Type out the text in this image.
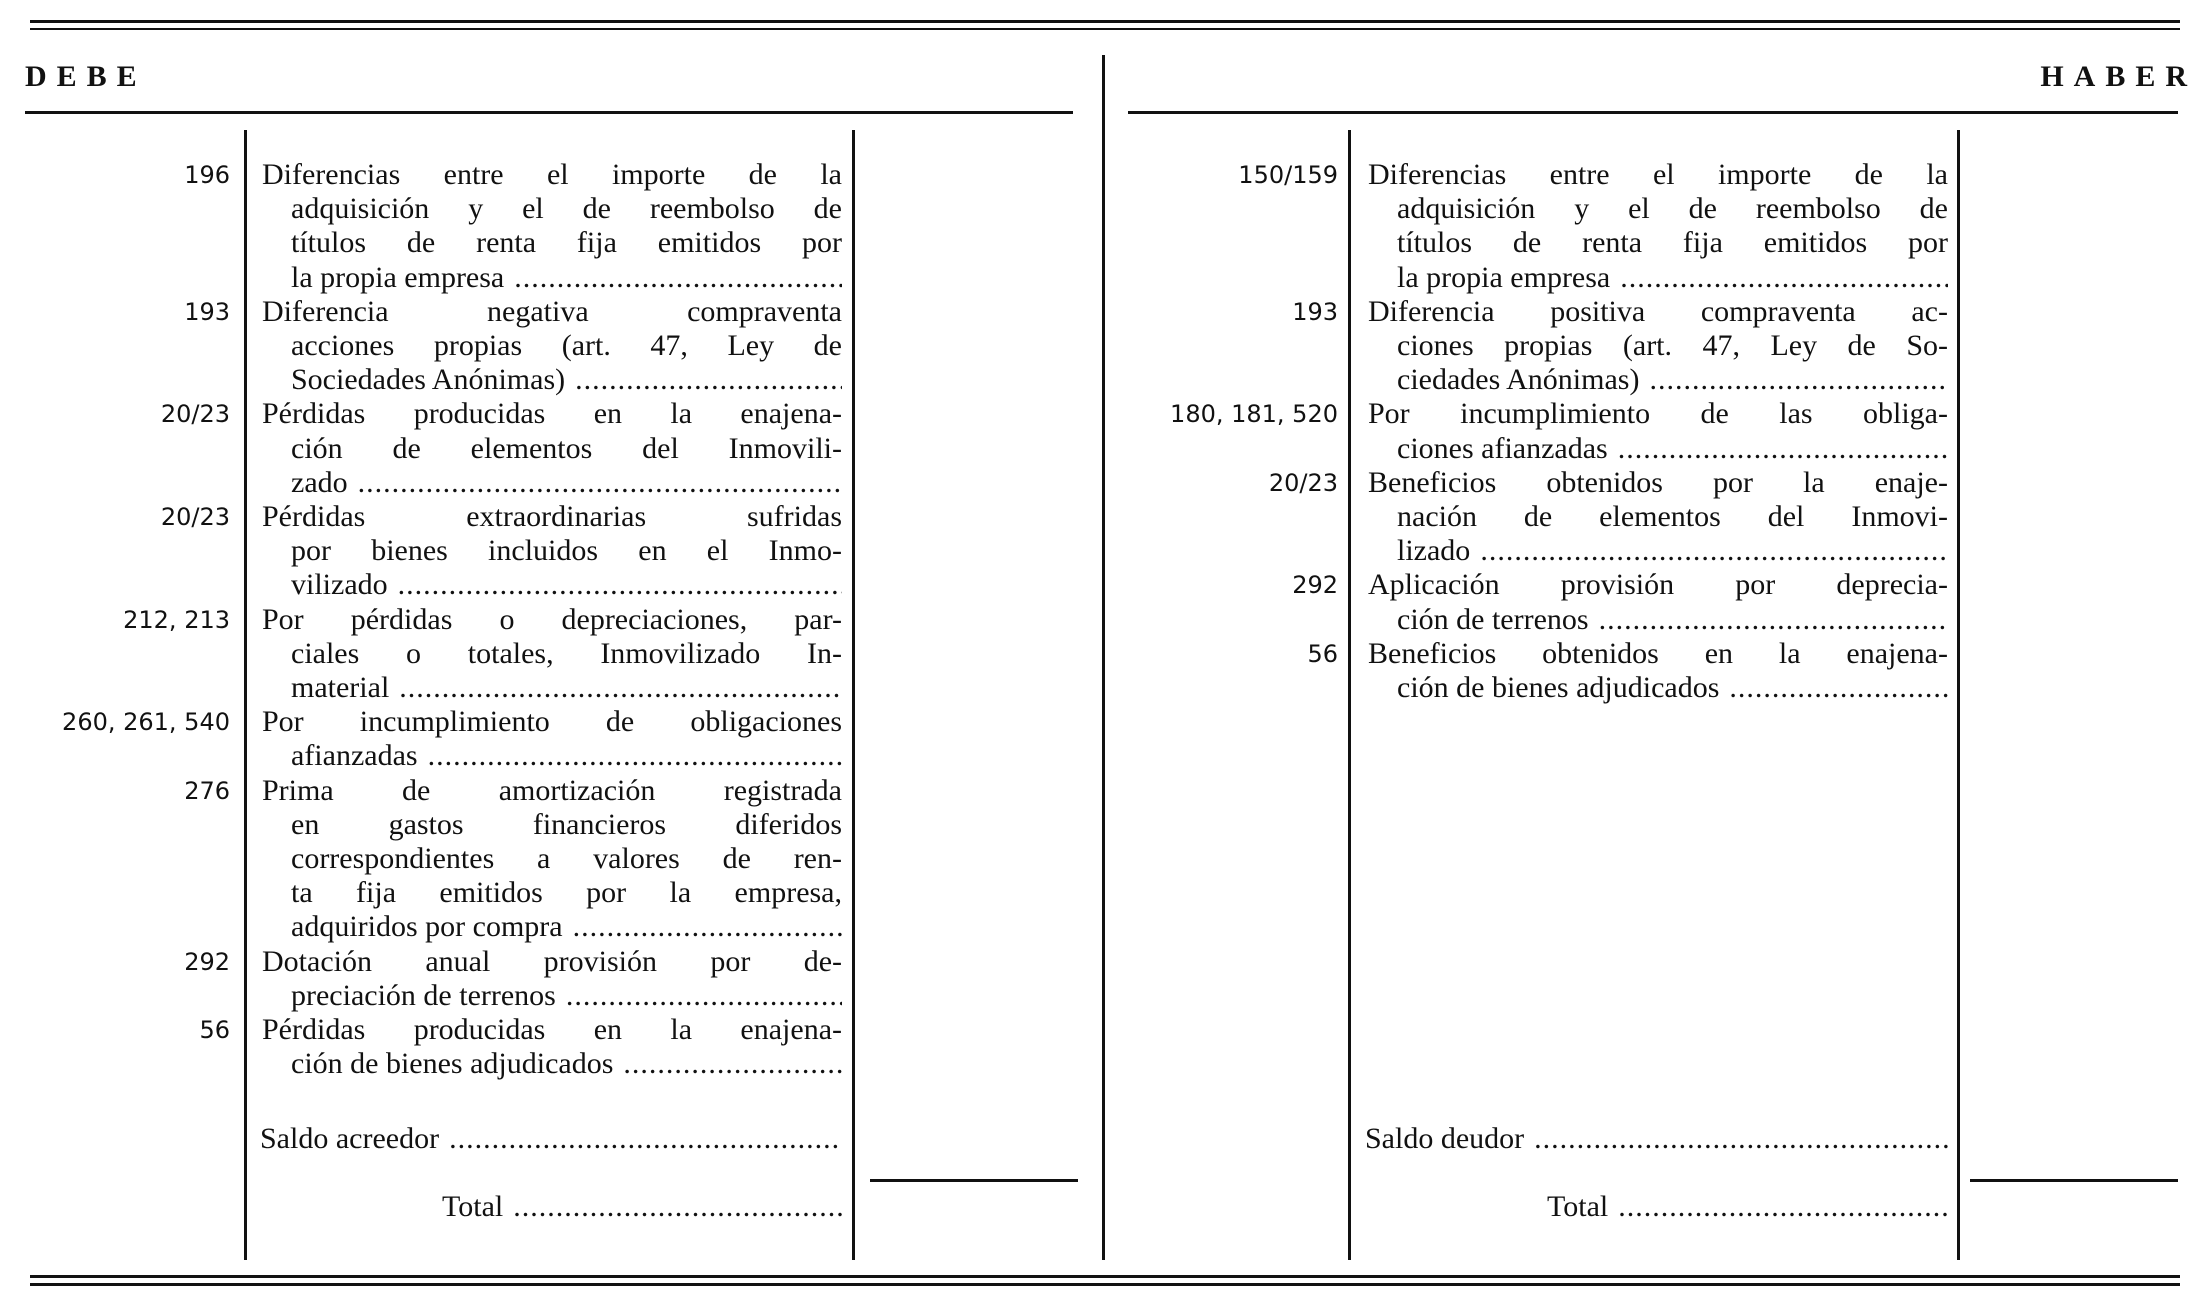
DEBE	HABER
196 Diferencias entre el importe de la
adquisición y el de reembolso de
títulos de renta fija emitidos por
la propia empresa .....
193 Diferencia negativa compraventa
acciones propias (art. 47, Ley de
Sociedades Anónimas) .....
20/23 Pérdidas producidas en la enajena-
ción de elementos del Inmovili-
zado .....
20/23 Pérdidas extraordinarias sufridas
por bienes incluidos en el Inmo-
vilizado .....
212, 213 Por pérdidas o depreciaciones, par-
ciales o totales, Inmovilizado In-
material .....
260, 261, 540 Por incumplimiento de obligaciones
afianzadas .....
276 Prima de amortización registrada
en gastos financieros diferidos
correspondientes a valores de ren-
ta fija emitidos por la empresa,
adquiridos por compra .....
292 Dotación anual provisión por de-
preciación de terrenos .....
56 Pérdidas producidas en la enajena-
ción de bienes adjudicados .....
150/159 Diferencias entre el importe de la
adquisición y el de reembolso de
títulos de renta fija emitidos por
la propia empresa .....
193 Diferencia positiva compraventa ac-
ciones propias (art. 47, Ley de So-
ciedades Anónimas) .....
180, 181, 520 Por incumplimiento de las obliga-
ciones afianzadas .....
20/23 Beneficios obtenidos por la enaje-
nación de elementos del Inmovi-
lizado .....
292 Aplicación provisión por deprecia-
ción de terrenos .....
56 Beneficios obtenidos en la enajena-
ción de bienes adjudicados .....
Saldo acreedor
.....
Total
.....
Saldo deudor
.....
Total
.....
